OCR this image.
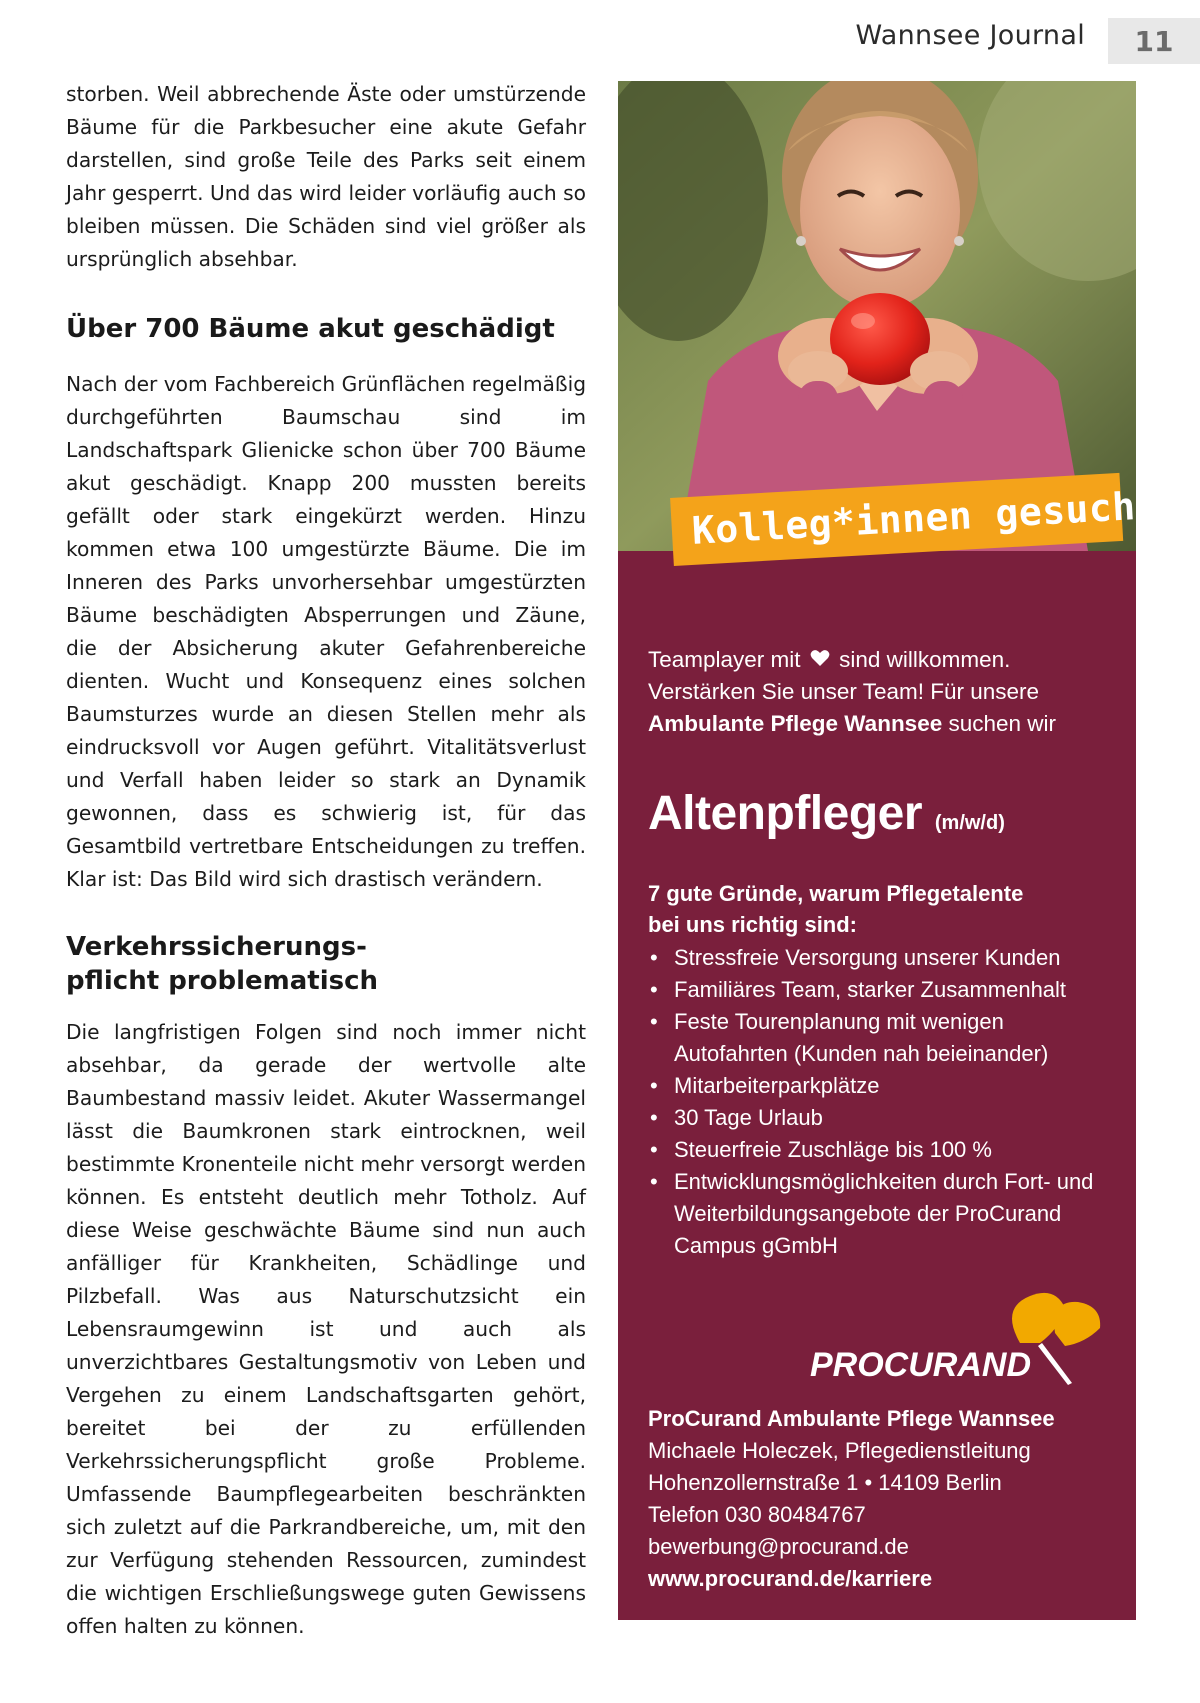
Wannsee Journal 11

storben. Weil abbrechende Äste oder umstürzende Bäume für die Parkbesucher eine akute Gefahr darstellen, sind große Teile des Parks seit einem Jahr gesperrt. Und das wird leider vorläufig auch so bleiben müssen. Die Schäden sind viel größer als ursprünglich absehbar.

Über 700 Bäume akut geschädigt

Nach der vom Fachbereich Grünflächen regelmäßig durchgeführten Baumschau sind im Landschaftspark Glienicke schon über 700 Bäume akut geschädigt. Knapp 200 mussten bereits gefällt oder stark eingekürzt werden. Hinzu kommen etwa 100 umgestürzte Bäume. Die im Inneren des Parks unvorhersehbar umgestürzten Bäume beschädigten Absperrungen und Zäune, die der Absicherung akuter Gefahrenbereiche dienten. Wucht und Konsequenz eines solchen Baumsturzes wurde an diesen Stellen mehr als eindrucksvoll vor Augen geführt. Vitalitätsverlust und Verfall haben leider so stark an Dynamik gewonnen, dass es schwierig ist, für das Gesamtbild vertretbare Entscheidungen zu treffen. Klar ist: Das Bild wird sich drastisch verändern.

Verkehrssicherungs-
pflicht problematisch

Die langfristigen Folgen sind noch immer nicht absehbar, da gerade der wertvolle alte Baumbestand massiv leidet. Akuter Wassermangel lässt die Baumkronen stark eintrocknen, weil bestimmte Kronenteile nicht mehr versorgt werden können. Es entsteht deutlich mehr Totholz. Auf diese Weise geschwächte Bäume sind nun auch anfälliger für Krankheiten, Schädlinge und Pilzbefall. Was aus Naturschutzsicht ein Lebensraumgewinn ist und auch als unverzichtbares Gestaltungsmotiv von Leben und Vergehen zu einem Landschaftsgarten gehört, bereitet bei der zu erfüllenden Verkehrssicherungspflicht große Probleme. Umfassende Baumpflegearbeiten beschränkten sich zuletzt auf die Parkrandbereiche, um, mit den zur Verfügung stehenden Ressourcen, zumindest die wichtigen Erschließungswege guten Gewissens offen halten zu können.

Kolleg*innen gesucht!
Teamplayer mit sind willkommen.
Verstärken Sie unser Team! Für unsere
Ambulante Pflege Wannsee suchen wir
Altenpfleger (m/w/d)
7 gute Gründe, warum Pflegetalente
bei uns richtig sind:
• Stressfreie Versorgung unserer Kunden
• Familiäres Team, starker Zusammenhalt
• Feste Tourenplanung mit wenigen Autofahrten (Kunden nah beieinander)
• Mitarbeiterparkplätze
• 30 Tage Urlaub
• Steuerfreie Zuschläge bis 100 %
• Entwicklungsmöglichkeiten durch Fort- und Weiterbildungsangebote der ProCurand Campus gGmbH
PROCURAND
ProCurand Ambulante Pflege Wannsee
Michaele Holeczek, Pflegedienstleitung
Hohenzollernstraße 1 • 14109 Berlin
Telefon 030 80484767
bewerbung@procurand.de
www.procurand.de/karriere
